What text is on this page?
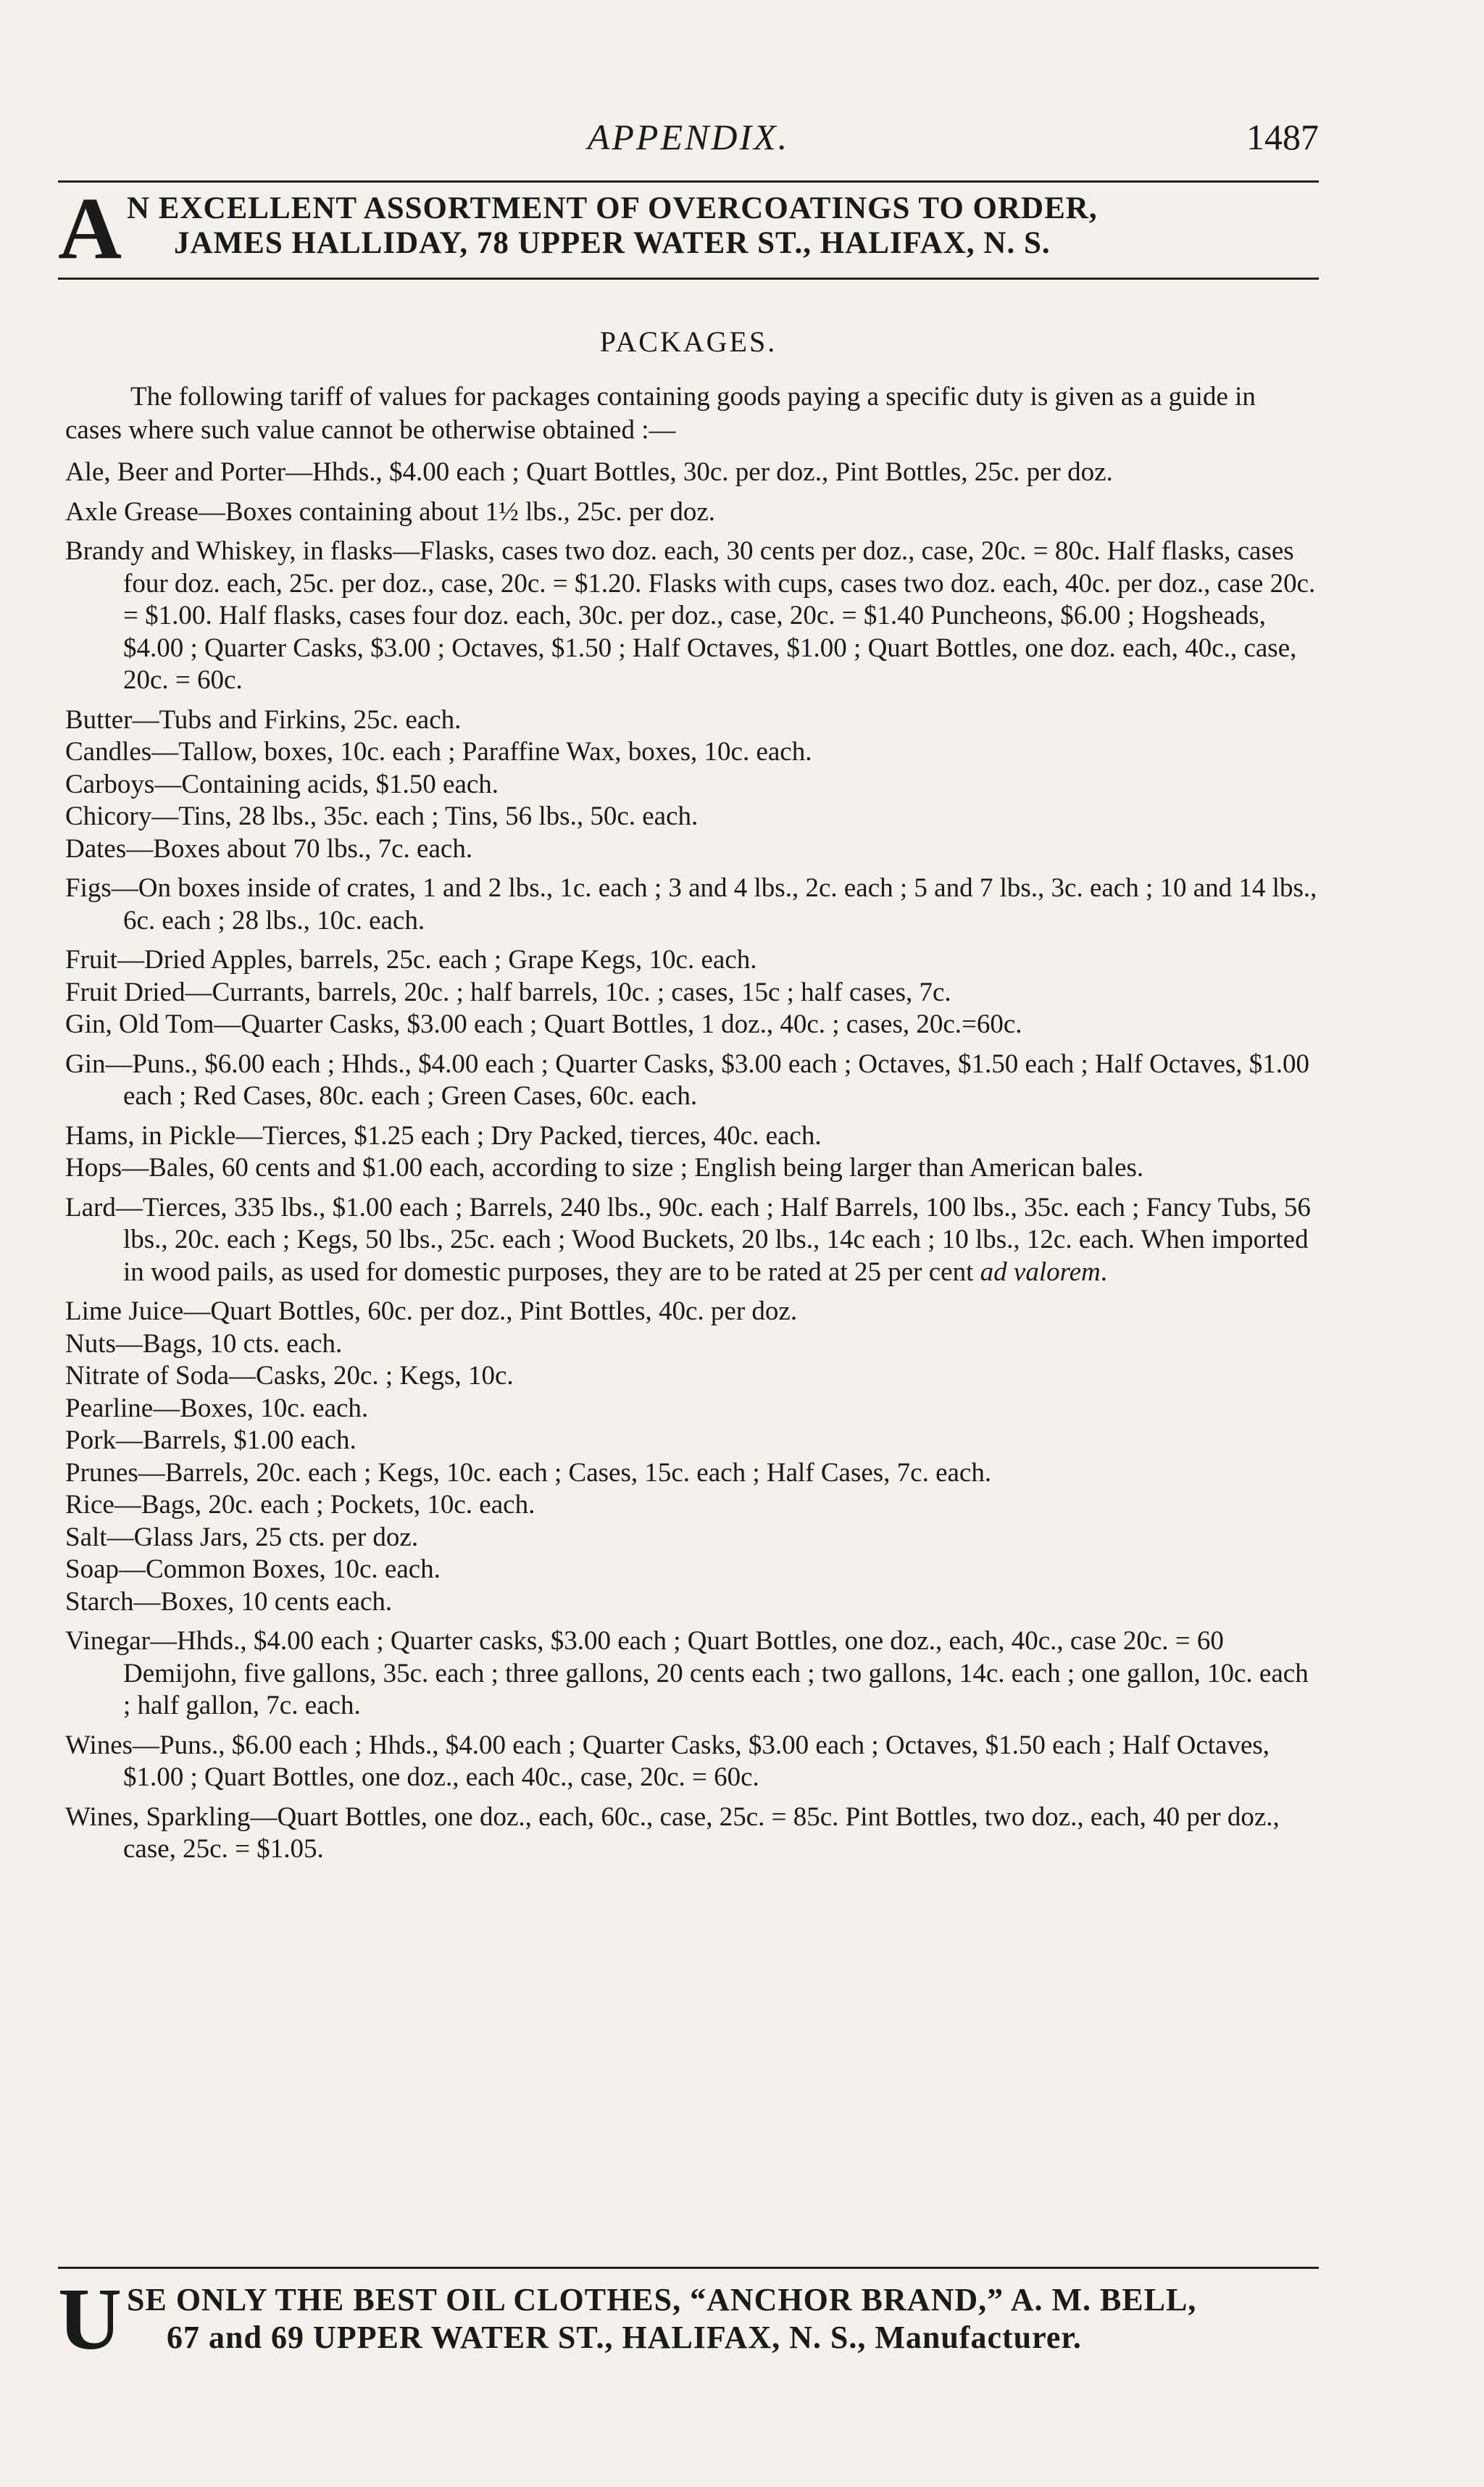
APPENDIX.	1487
A N EXCELLENT ASSORTMENT OF OVERCOATINGS TO ORDER,
JAMES HALLIDAY, 78 UPPER WATER ST., HALIFAX, N. S.
PACKAGES.
The following tariff of values for packages containing goods paying a specific duty is given as a guide in cases where such value cannot be otherwise obtained :—
Ale, Beer and Porter—Hhds., $4.00 each ; Quart Bottles, 30c. per doz., Pint Bottles, 25c. per doz.
Axle Grease—Boxes containing about 1½ lbs., 25c. per doz.
Brandy and Whiskey, in flasks—Flasks, cases two doz. each, 30 cents per doz., case, 20c. = 80c. Half flasks, cases four doz. each, 25c. per doz., case, 20c. = $1.20. Flasks with cups, cases two doz. each, 40c. per doz., case 20c. = $1.00. Half flasks, cases four doz. each, 30c. per doz., case, 20c. = $1.40 Puncheons, $6.00 ; Hogsheads, $4.00 ; Quarter Casks, $3.00 ; Octaves, $1.50 ; Half Octaves, $1.00 ; Quart Bottles, one doz. each, 40c., case, 20c. = 60c.
Butter—Tubs and Firkins, 25c. each.
Candles—Tallow, boxes, 10c. each ; Paraffine Wax, boxes, 10c. each.
Carboys—Containing acids, $1.50 each.
Chicory—Tins, 28 lbs., 35c. each ; Tins, 56 lbs., 50c. each.
Dates—Boxes about 70 lbs., 7c. each.
Figs—On boxes inside of crates, 1 and 2 lbs., 1c. each ; 3 and 4 lbs., 2c. each ; 5 and 7 lbs., 3c. each ; 10 and 14 lbs., 6c. each ; 28 lbs., 10c. each.
Fruit—Dried Apples, barrels, 25c. each ; Grape Kegs, 10c. each.
Fruit Dried—Currants, barrels, 20c. ; half barrels, 10c. ; cases, 15c ; half cases, 7c.
Gin, Old Tom—Quarter Casks, $3.00 each ; Quart Bottles, 1 doz., 40c. ; cases, 20c.=60c.
Gin—Puns., $6.00 each ; Hhds., $4.00 each ; Quarter Casks, $3.00 each ; Octaves, $1.50 each ; Half Octaves, $1.00 each ; Red Cases, 80c. each ; Green Cases, 60c. each.
Hams, in Pickle—Tierces, $1.25 each ; Dry Packed, tierces, 40c. each.
Hops—Bales, 60 cents and $1.00 each, according to size ; English being larger than American bales.
Lard—Tierces, 335 lbs., $1.00 each ; Barrels, 240 lbs., 90c. each ; Half Barrels, 100 lbs., 35c. each ; Fancy Tubs, 56 lbs., 20c. each ; Kegs, 50 lbs., 25c. each ; Wood Buckets, 20 lbs., 14c each ; 10 lbs., 12c. each. When imported in wood pails, as used for domestic purposes, they are to be rated at 25 per cent ad valorem.
Lime Juice—Quart Bottles, 60c. per doz., Pint Bottles, 40c. per doz.
Nuts—Bags, 10 cts. each.
Nitrate of Soda—Casks, 20c. ; Kegs, 10c.
Pearline—Boxes, 10c. each.
Pork—Barrels, $1.00 each.
Prunes—Barrels, 20c. each ; Kegs, 10c. each ; Cases, 15c. each ; Half Cases, 7c. each.
Rice—Bags, 20c. each ; Pockets, 10c. each.
Salt—Glass Jars, 25 cts. per doz.
Soap—Common Boxes, 10c. each.
Starch—Boxes, 10 cents each.
Vinegar—Hhds., $4.00 each ; Quarter casks, $3.00 each ; Quart Bottles, one doz., each, 40c., case 20c. = 60 Demijohn, five gallons, 35c. each ; three gallons, 20 cents each ; two gallons, 14c. each ; one gallon, 10c. each ; half gallon, 7c. each.
Wines—Puns., $6.00 each ; Hhds., $4.00 each ; Quarter Casks, $3.00 each ; Octaves, $1.50 each ; Half Octaves, $1.00 ; Quart Bottles, one doz., each 40c., case, 20c. = 60c.
Wines, Sparkling—Quart Bottles, one doz., each, 60c., case, 25c. = 85c. Pint Bottles, two doz., each, 40 per doz., case, 25c. = $1.05.
U SE ONLY THE BEST OIL CLOTHES, “ANCHOR BRAND,” A. M. BELL,
67 and 69 UPPER WATER ST., HALIFAX, N. S., Manufacturer.
